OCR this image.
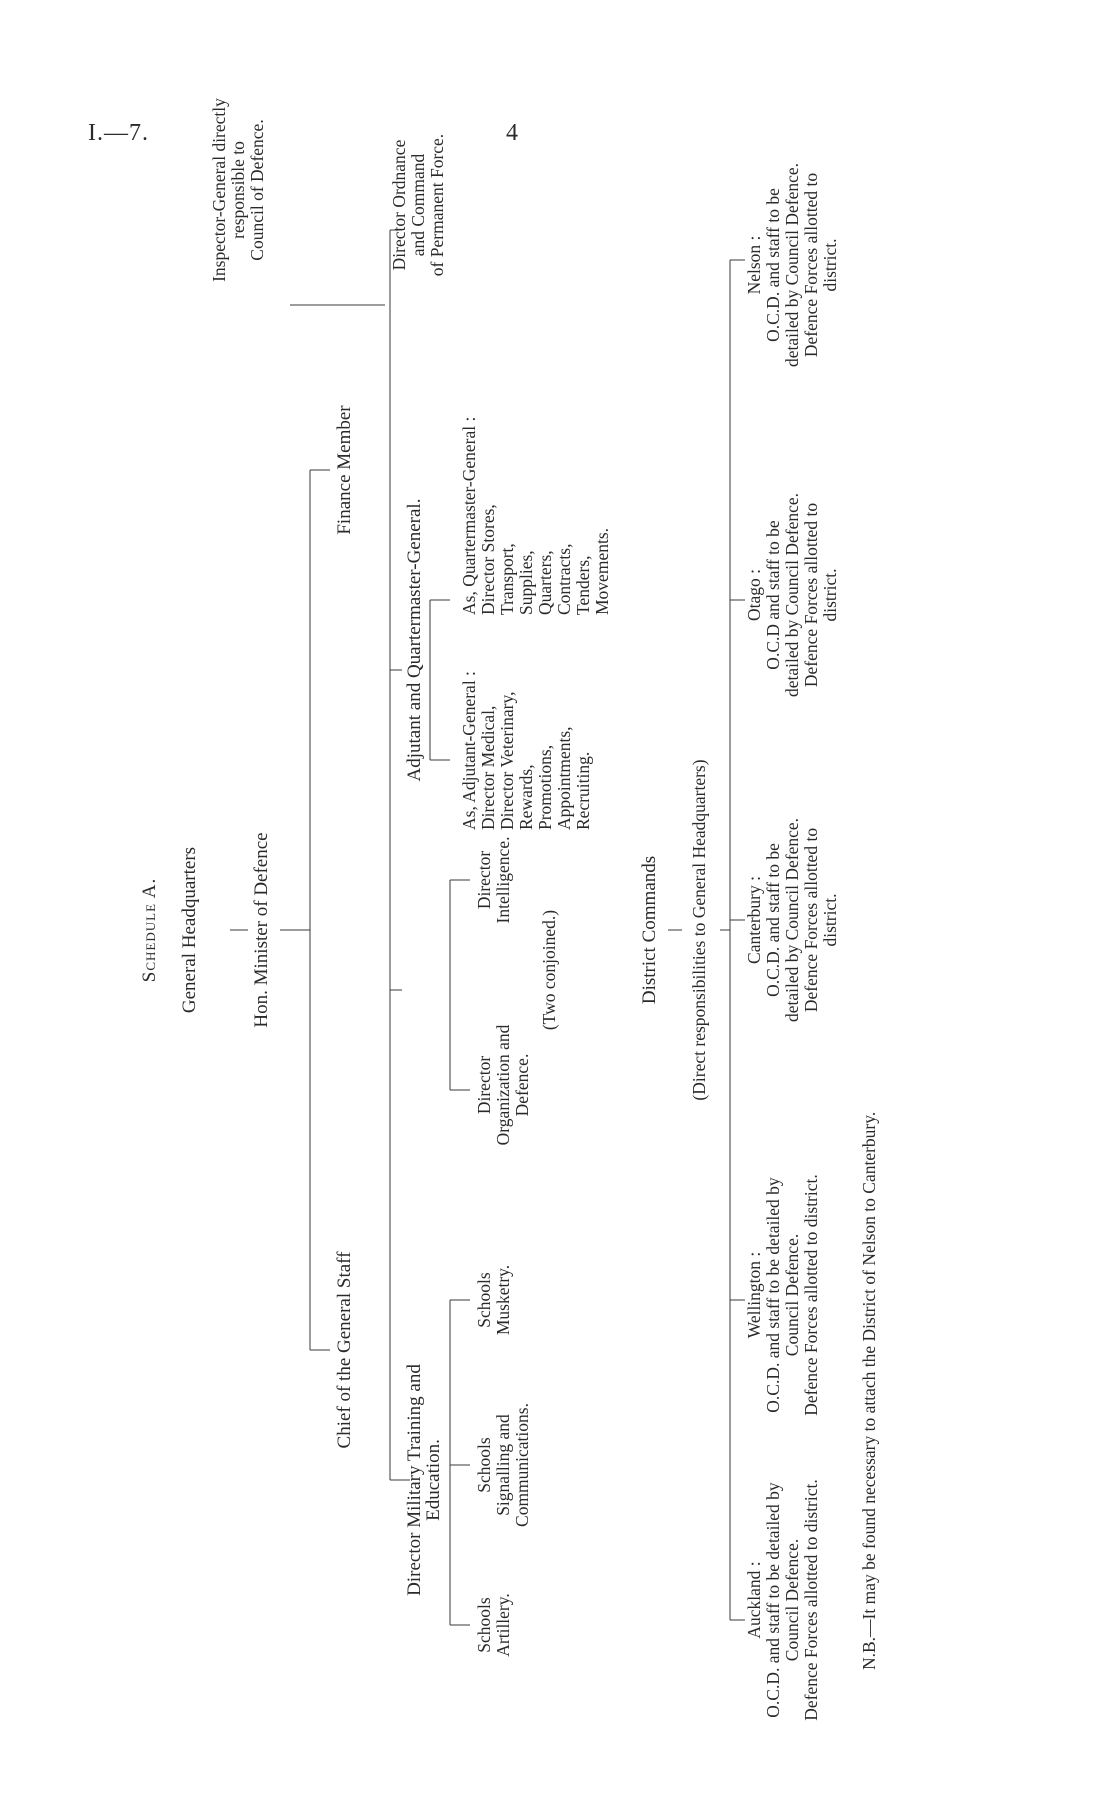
I.—7.	4
Schedule A. General Headquarters	Hon. Minister of Defence
Inspector-General directly
responsible to
Council of Defence.
Chief of the General Staff
Finance Member
Director Military Training and
Education.
Adjutant and Quartermaster-General.
Director Ordnance
and Command
of Permanent Force.
Schools
Artillery.
Schools
Signalling and
Communications.
Schools
Musketry.
Director
Organization and
Defence.
Director
Intelligence.
(Two conjoined.)
As, Adjutant-General :
Director Medical,
Director Veterinary,
Rewards,
Promotions,
Appointments,
Recruiting.
As, Quartermaster-General :
Director Stores,
Transport,
Supplies,
Quarters,
Contracts,
Tenders,
Movements.
District Commands (Direct responsibilities to General Headquarters)
Auckland :
O.C.D. and staff to be detailed by
Council Defence.
Defence Forces allotted to district.
Wellington :
O.C.D. and staff to be detailed by
Council Defence.
Defence Forces allotted to district.
Canterbury :
O.C.D. and staff to be
detailed by Council Defence.
Defence Forces allotted to
district.
Otago :
O.C.D and staff to be
detailed by Council Defence.
Defence Forces allotted to
district.
Nelson :
O.C.D. and staff to be
detailed by Council Defence.
Defence Forces allotted to
district.
N.B.—It may be found necessary to attach the District of Nelson to Canterbury.
